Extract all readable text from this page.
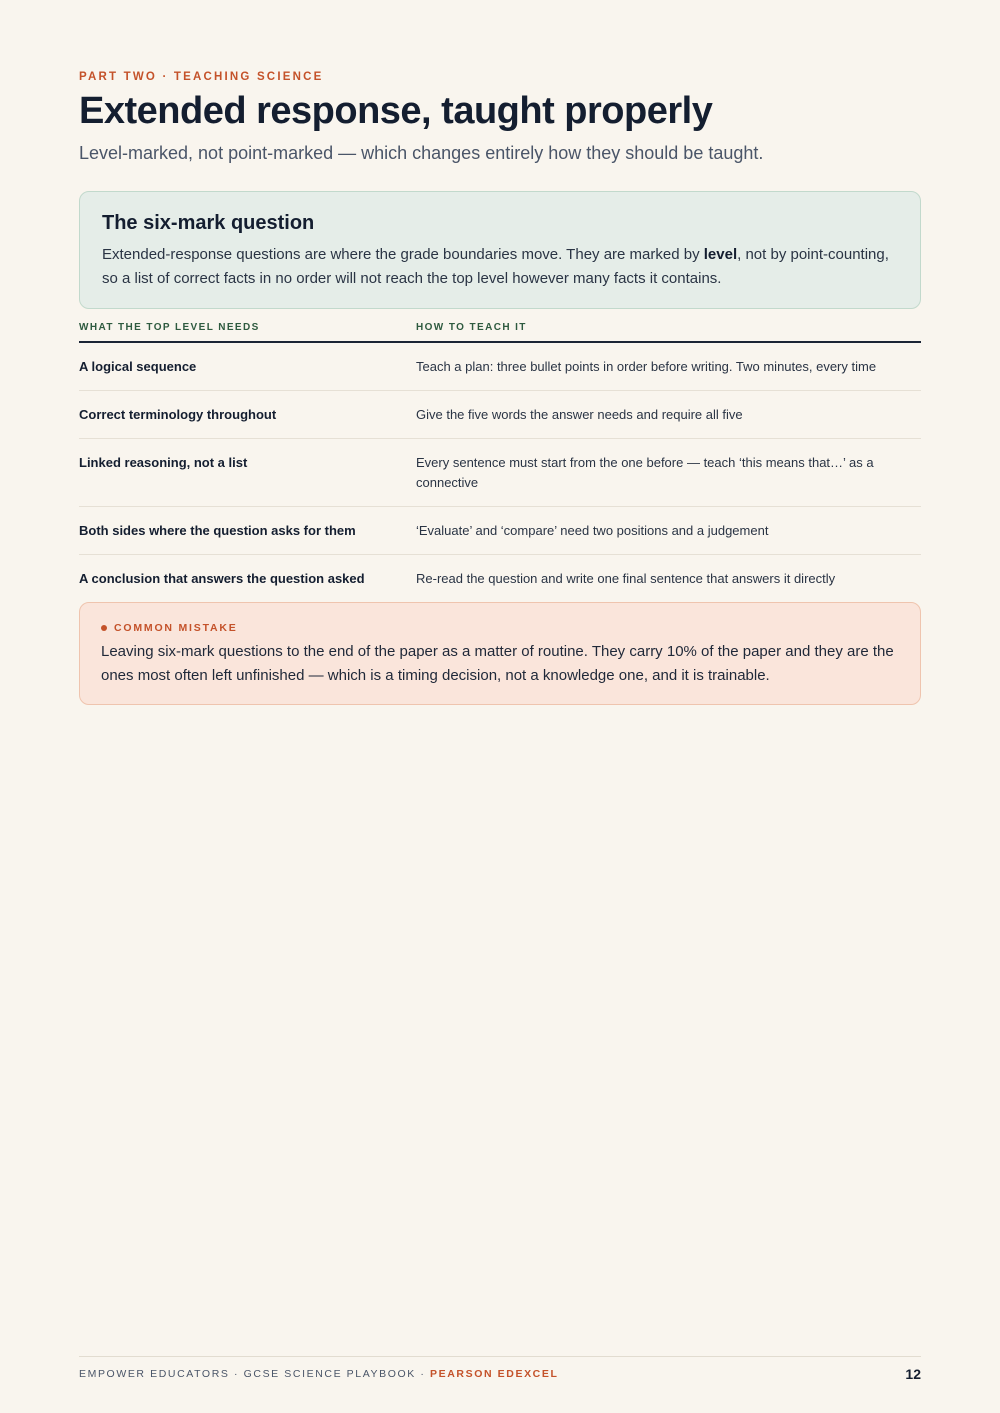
PART TWO · TEACHING SCIENCE
Extended response, taught properly
Level-marked, not point-marked — which changes entirely how they should be taught.
The six-mark question
Extended-response questions are where the grade boundaries move. They are marked by level, not by point-counting, so a list of correct facts in no order will not reach the top level however many facts it contains.
WHAT THE TOP LEVEL NEEDS	HOW TO TEACH IT
A logical sequence	Teach a plan: three bullet points in order before writing. Two minutes, every time
Correct terminology throughout	Give the five words the answer needs and require all five
Linked reasoning, not a list	Every sentence must start from the one before — teach ‘this means that…’ as a connective
Both sides where the question asks for them	‘Evaluate’ and ‘compare’ need two positions and a judgement
A conclusion that answers the question asked	Re-read the question and write one final sentence that answers it directly
COMMON MISTAKE
Leaving six-mark questions to the end of the paper as a matter of routine. They carry 10% of the paper and they are the ones most often left unfinished — which is a timing decision, not a knowledge one, and it is trainable.
EMPOWER EDUCATORS · GCSE SCIENCE PLAYBOOK · PEARSON EDEXCEL	12
